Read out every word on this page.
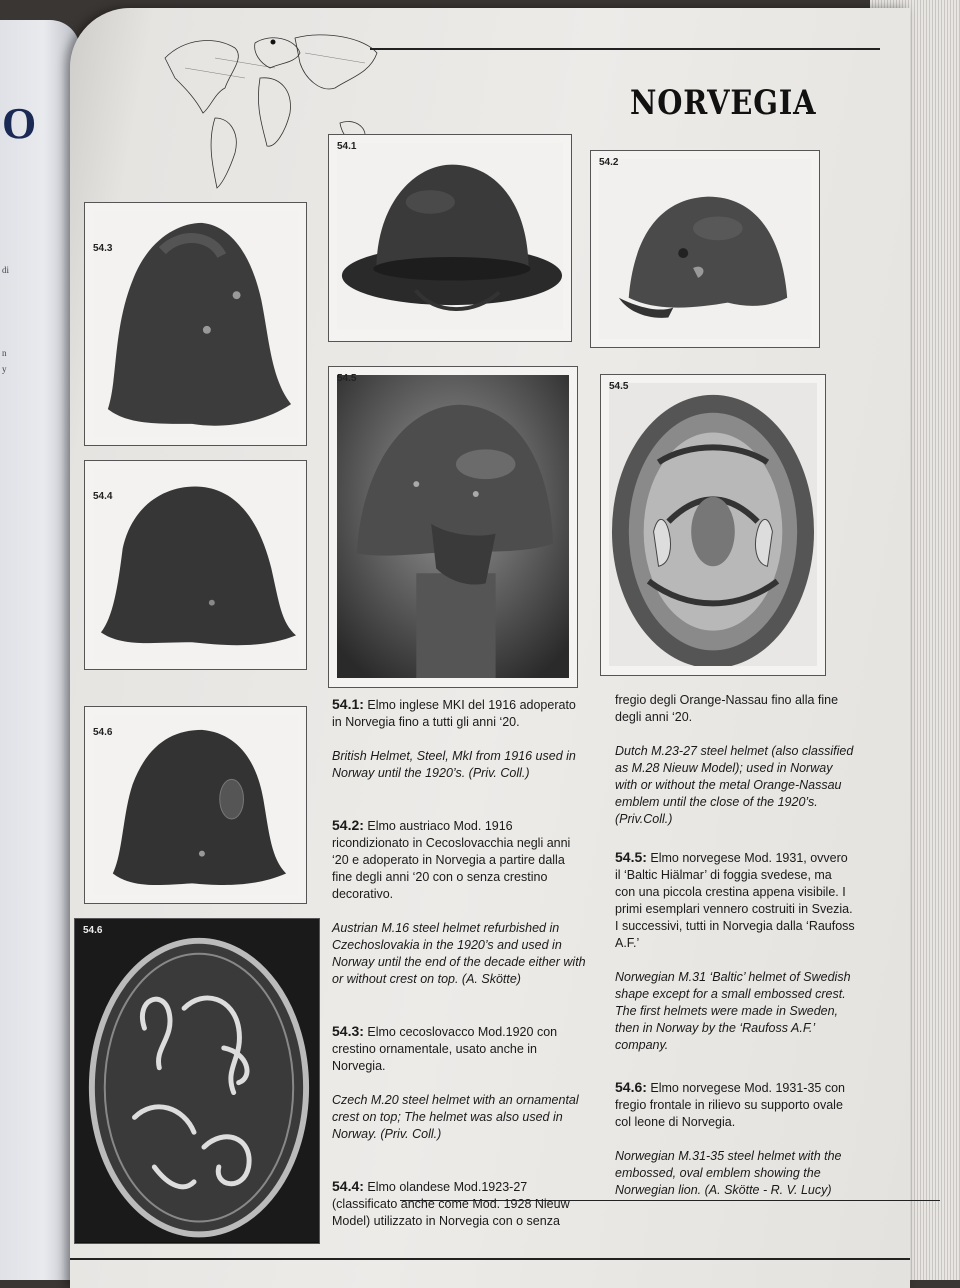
O
di
n
y
NORVEGIA
54.1
54.2
54.3
54.4
54.5
54.5
54.6
54.6

54.1: Elmo inglese MKI del 1916 adoperato in Norvegia fino a tutti gli anni ‘20.

British Helmet, Steel, MkI from 1916 used in Norway until the 1920’s. (Priv. Coll.)

54.2: Elmo austriaco Mod. 1916 ricondizionato in Cecoslovacchia negli anni ‘20 e adoperato in Norvegia a partire dalla fine degli anni ‘20 con o senza crestino decorativo.

Austrian M.16 steel helmet refurbished in Czechoslovakia in the 1920’s and used in Norway until the end of the decade either with or without crest on top. (A. Skötte)

54.3: Elmo cecoslovacco Mod.1920 con crestino ornamentale, usato anche in Norvegia.

Czech M.20 steel helmet with an ornamental crest on top; The helmet was also used in Norway. (Priv. Coll.)

54.4: Elmo olandese Mod.1923-27 (classificato anche come Mod. 1928 Nieuw Model) utilizzato in Norvegia con o senza

fregio degli Orange-Nassau fino alla fine degli anni ‘20.

Dutch M.23-27 steel helmet (also classified as M.28 Nieuw Model); used in Norway with or without the metal Orange-Nassau emblem until the close of the 1920’s. (Priv.Coll.)

54.5: Elmo norvegese Mod. 1931, ovvero il ‘Baltic Hiälmar’ di foggia svedese, ma con una piccola crestina appena visibile. I primi esemplari vennero costruiti in Svezia. I successivi, tutti in Norvegia dalla ‘Raufoss A.F.’

Norwegian M.31 ‘Baltic’ helmet of Swedish shape except for a small embossed crest. The first helmets were made in Sweden, then in Norway by the ‘Raufoss A.F.’ company.

54.6: Elmo norvegese Mod. 1931-35 con fregio frontale in rilievo su supporto ovale col leone di Norvegia.

Norwegian M.31-35 steel helmet with the embossed, oval emblem showing the Norwegian lion. (A. Skötte - R. V. Lucy)
